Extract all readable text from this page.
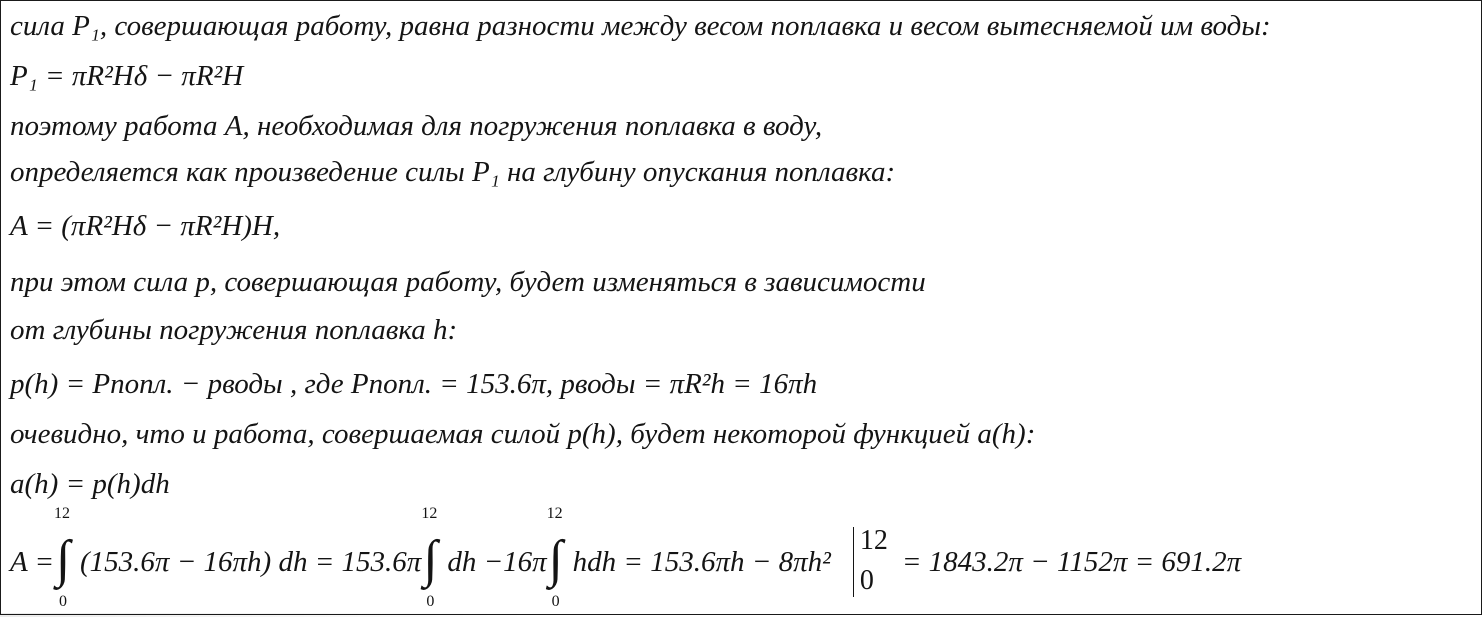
сила P₁, совершающая работу, равна разности между весом поплавка и весом вытесняемой им воды:
P₁ = πR²Hδ − πR²H
поэтому работа A, необходимая для погружения поплавка в воду,
определяется как произведение силы P₁ на глубину опускания поплавка:
A = (πR²Hδ − πR²H)H,
при этом сила p, совершающая работу, будет изменяться в зависимости
от глубины погружения поплавка h:
p(h) = Pпопл. − pводы , где Pпопл. = 153.6π, pводы = πR²h = 16πh
очевидно, что и работа, совершаемая силой p(h), будет некоторой функцией a(h):
a(h) = p(h)dh
A =
12
∫
0
(153.6π − 16πh) dh = 153.6π
12
∫
0
dh −16π
12
∫
0
hdh = 153.6πh − 8πh²
12
0
= 1843.2π − 1152π = 691.2π
